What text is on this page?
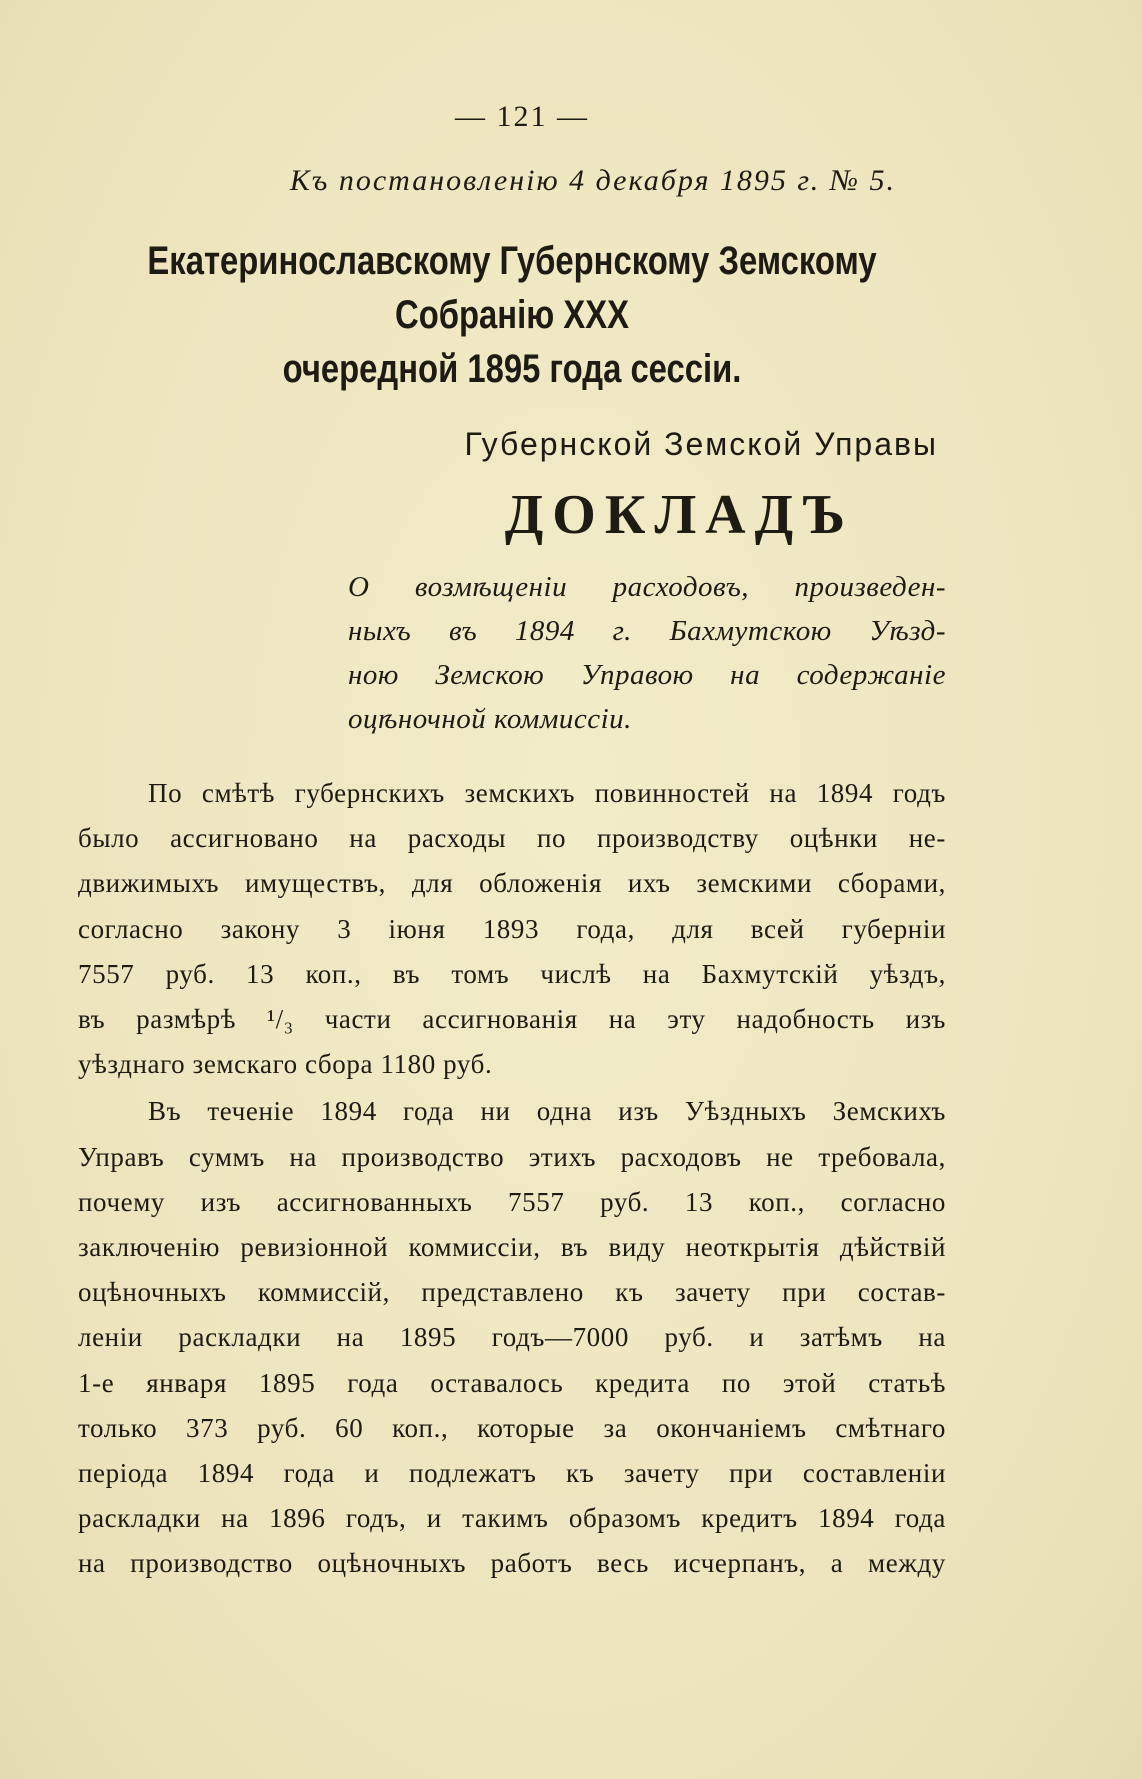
— 121 —
Къ постановленію 4 декабря 1895 г. № 5.
Екатеринославскому Губернскому Земскому Собранію XXX
очередной 1895 года сессіи.
Губернской Земской Управы
ДОКЛАДЪ
О возмѣщеніи расходовъ, произведен-
ныхъ въ 1894 г. Бахмутскою Уѣзд-
ною Земскою Управою на содержаніе
оцѣночной коммиссіи.
По смѣтѣ губернскихъ земскихъ повинностей на 1894 годъ
было ассигновано на расходы по производству оцѣнки не-
движимыхъ имуществъ, для обложенія ихъ земскими сборами,
согласно закону 3 іюня 1893 года, для всей губерніи
7557 руб. 13 коп., въ томъ числѣ на Бахмутскій уѣздъ,
въ размѣрѣ ¹/₃ части ассигнованія на эту надобность изъ
уѣзднаго земскаго сбора 1180 руб.
Въ теченіе 1894 года ни одна изъ Уѣздныхъ Земскихъ
Управъ суммъ на производство этихъ расходовъ не требовала,
почему изъ ассигнованныхъ 7557 руб. 13 коп., согласно
заключенію ревизіонной коммиссіи, въ виду неоткрытія дѣйствій
оцѣночныхъ коммиссій, представлено къ зачету при состав-
леніи раскладки на 1895 годъ—7000 руб. и затѣмъ на
1-е января 1895 года оставалось кредита по этой статьѣ
только 373 руб. 60 коп., которые за окончаніемъ смѣтнаго
періода 1894 года и подлежатъ къ зачету при составленіи
раскладки на 1896 годъ, и такимъ образомъ кредитъ 1894 года
на производство оцѣночныхъ работъ весь исчерпанъ, а между
